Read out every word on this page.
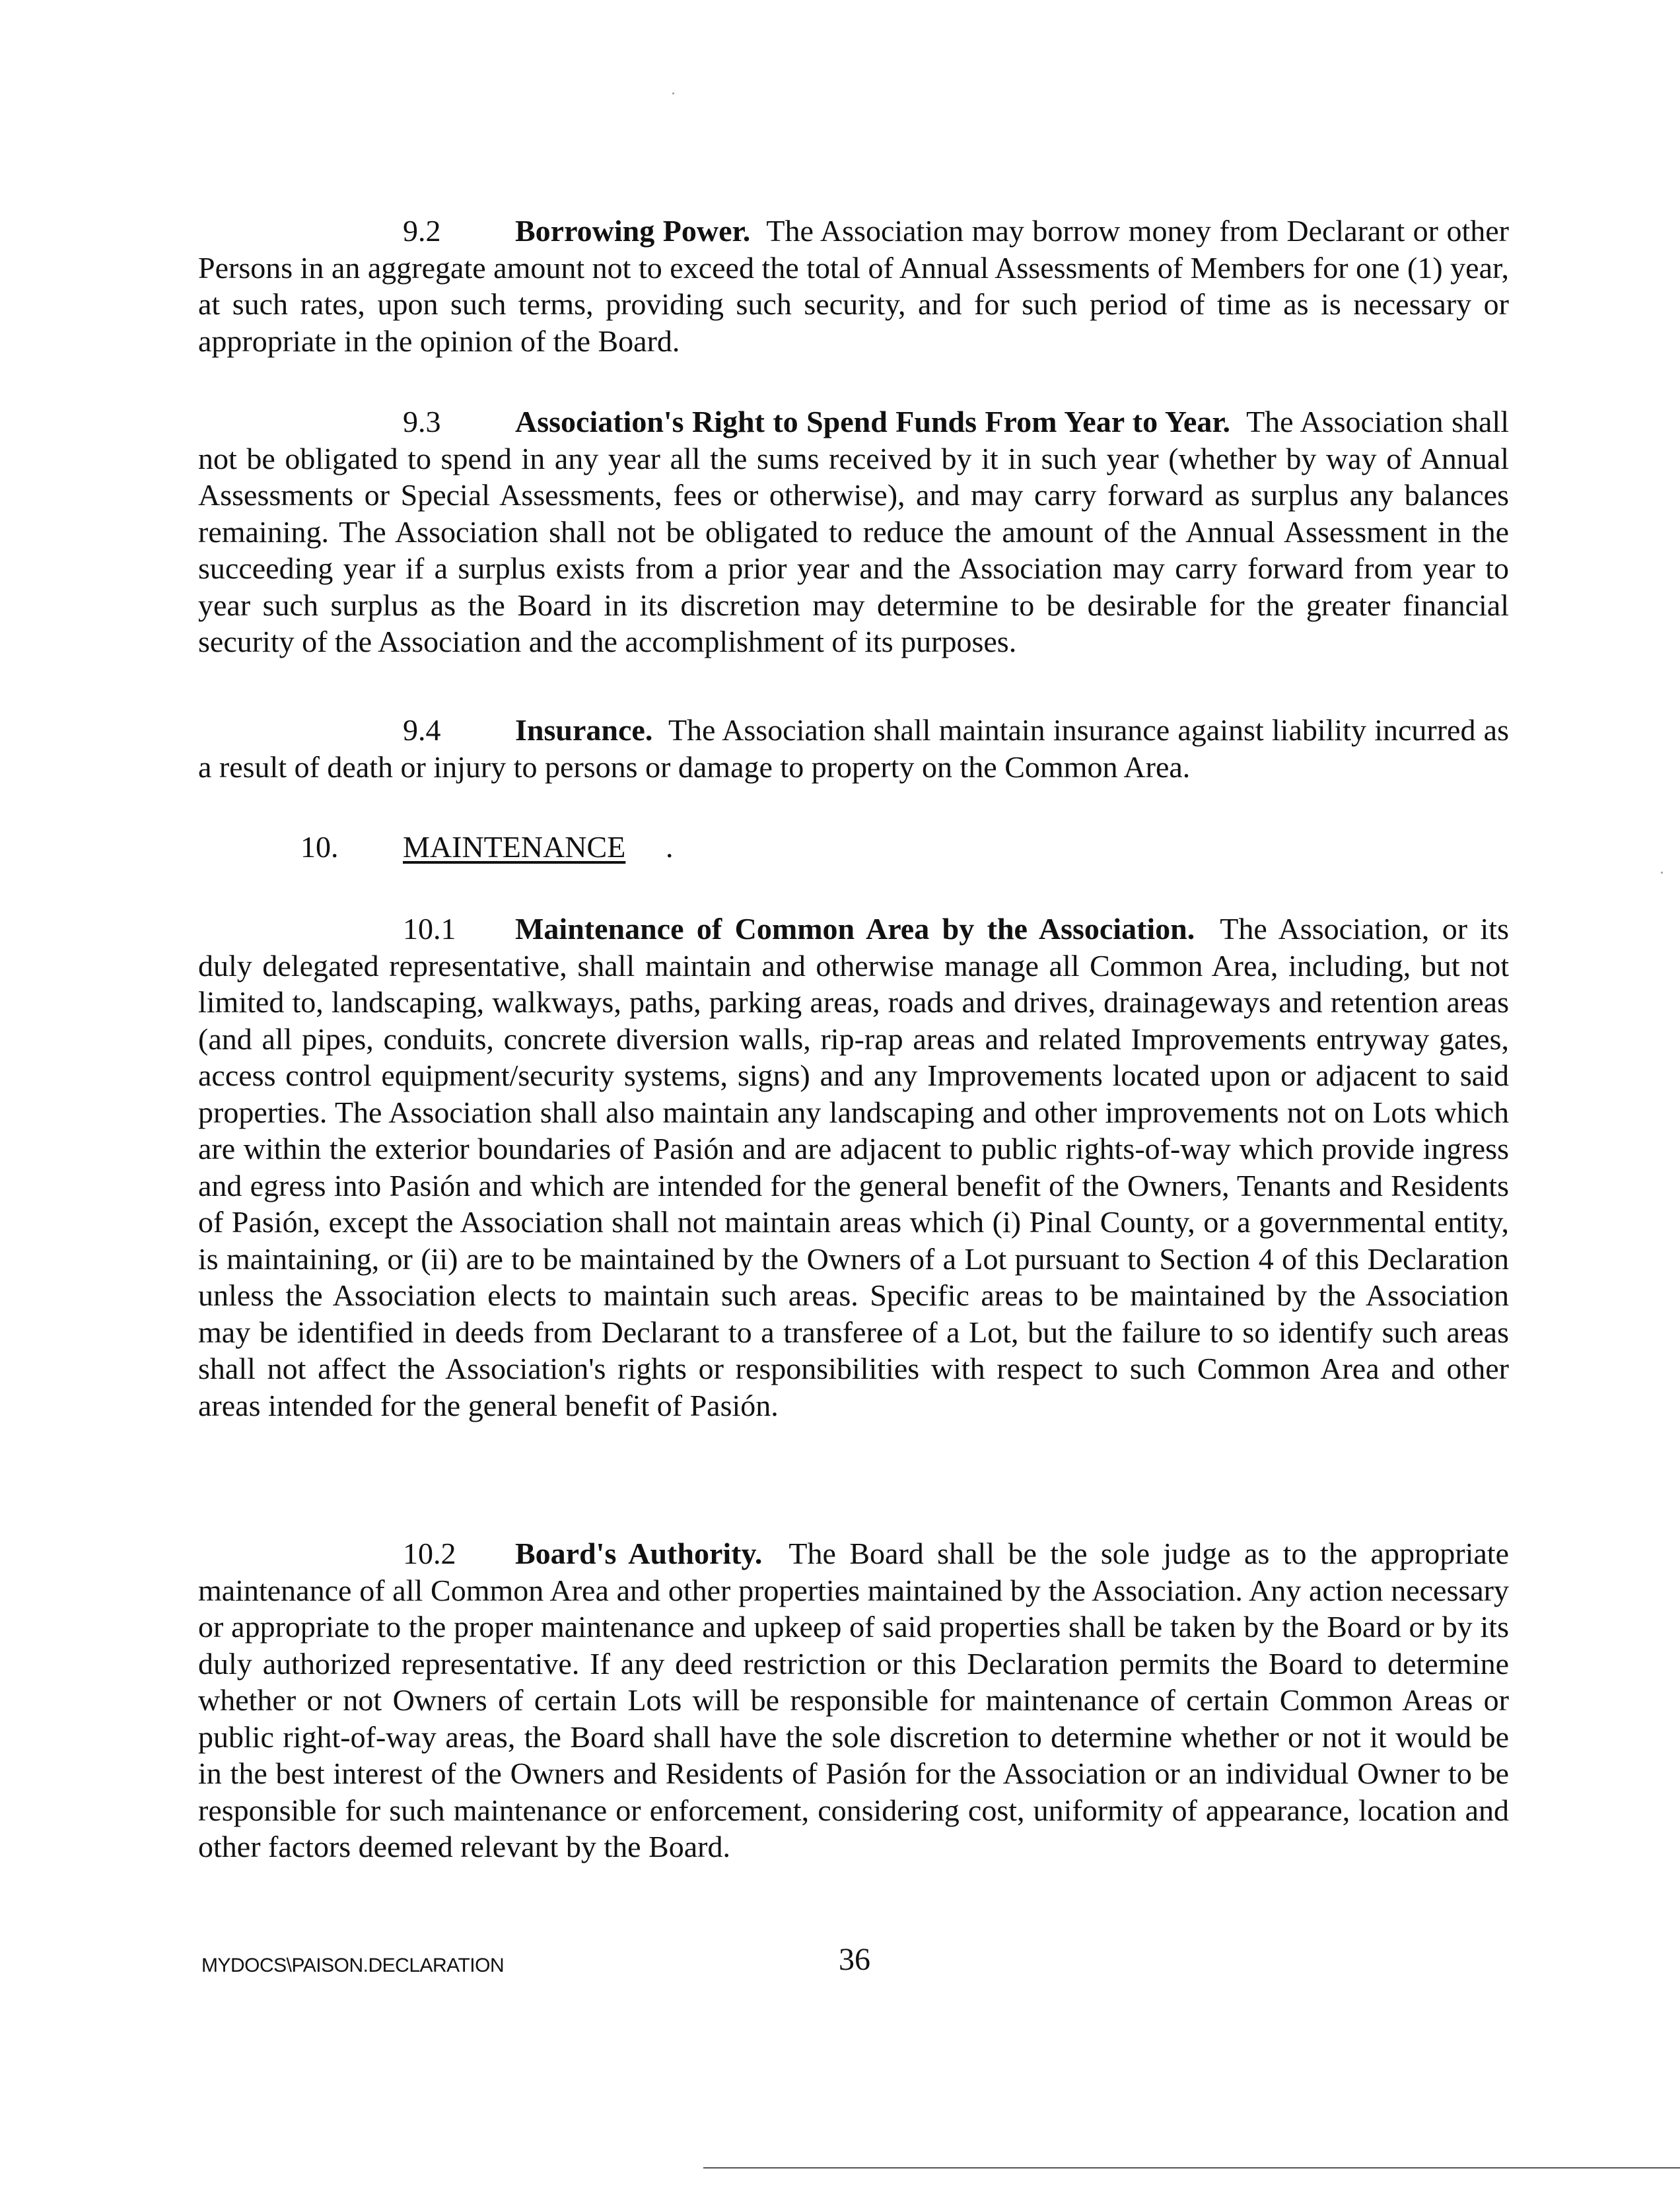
9.2 Borrowing Power. The Association may borrow money from Declarant or other Persons in an aggregate amount not to exceed the total of Annual Assessments of Members for one (1) year, at such rates, upon such terms, providing such security, and for such period of time as is necessary or appropriate in the opinion of the Board.

9.3 Association's Right to Spend Funds From Year to Year. The Association shall not be obligated to spend in any year all the sums received by it in such year (whether by way of Annual Assessments or Special Assessments, fees or otherwise), and may carry forward as surplus any balances remaining. The Association shall not be obligated to reduce the amount of the Annual Assessment in the succeeding year if a surplus exists from a prior year and the Association may carry forward from year to year such surplus as the Board in its discretion may determine to be desirable for the greater financial security of the Association and the accomplishment of its purposes.

9.4 Insurance. The Association shall maintain insurance against liability incurred as a result of death or injury to persons or damage to property on the Common Area.

10. MAINTENANCE .

10.1 Maintenance of Common Area by the Association. The Association, or its duly delegated representative, shall maintain and otherwise manage all Common Area, including, but not limited to, landscaping, walkways, paths, parking areas, roads and drives, drainageways and retention areas (and all pipes, conduits, concrete diversion walls, rip-rap areas and related Improvements entryway gates, access control equipment/security systems, signs) and any Improvements located upon or adjacent to said properties. The Association shall also maintain any landscaping and other improvements not on Lots which are within the exterior boundaries of Pasión and are adjacent to public rights-of-way which provide ingress and egress into Pasión and which are intended for the general benefit of the Owners, Tenants and Residents of Pasión, except the Association shall not maintain areas which (i) Pinal County, or a governmental entity, is maintaining, or (ii) are to be maintained by the Owners of a Lot pursuant to Section 4 of this Declaration unless the Association elects to maintain such areas. Specific areas to be maintained by the Association may be identified in deeds from Declarant to a transferee of a Lot, but the failure to so identify such areas shall not affect the Association's rights or responsibilities with respect to such Common Area and other areas intended for the general benefit of Pasión.

10.2 Board's Authority. The Board shall be the sole judge as to the appropriate maintenance of all Common Area and other properties maintained by the Association. Any action necessary or appropriate to the proper maintenance and upkeep of said properties shall be taken by the Board or by its duly authorized representative. If any deed restriction or this Declaration permits the Board to determine whether or not Owners of certain Lots will be responsible for maintenance of certain Common Areas or public right-of-way areas, the Board shall have the sole discretion to determine whether or not it would be in the best interest of the Owners and Residents of Pasión for the Association or an individual Owner to be responsible for such maintenance or enforcement, considering cost, uniformity of appearance, location and other factors deemed relevant by the Board.

MYDOCS\PAISON.DECLARATION	36
